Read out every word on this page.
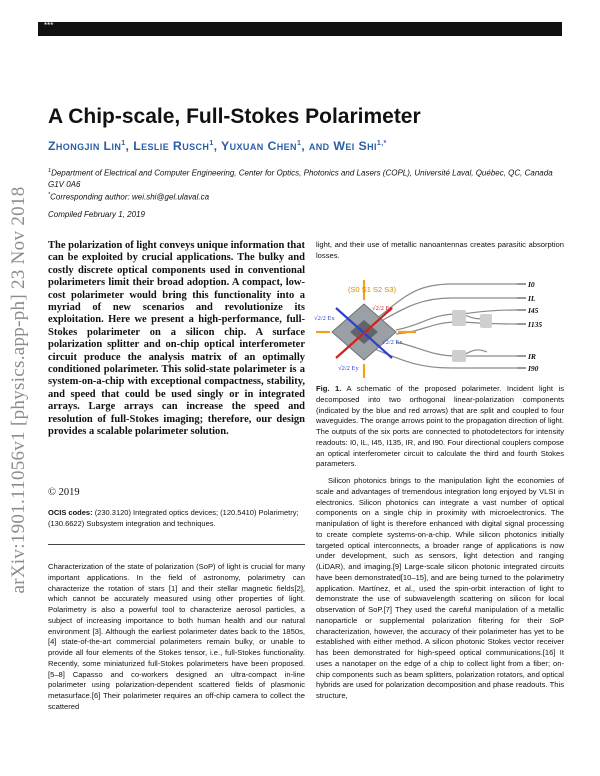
***
arXiv:1901.11056v1 [physics.app-ph] 23 Nov 2018
A Chip-scale, Full-Stokes Polarimeter
Zhongjin Lin$^1$, Leslie Rusch$^1$, Yuxuan Chen$^1$, and Wei Shi$^{1,*}$
$^1$Department of Electrical and Computer Engineering, Center for Optics, Photonics and Lasers (COPL), Université Laval, Québec, QC, Canada G1V 0A6
*Corresponding author: wei.shi@gel.ulaval.ca
Compiled February 1, 2019
The polarization of light conveys unique information that can be exploited by crucial applications. The bulky and costly discrete optical components used in conventional polarimeters limit their broad adoption. A compact, low-cost polarimeter would bring this functionality into a myriad of new scenarios and revolutionize its exploitation. Here we present a high-performance, full-Stokes polarimeter on a silicon chip. A surface polarization splitter and on-chip optical interferometer circuit produce the analysis matrix of an optimally conditioned polarimeter. This solid-state polarimeter is a system-on-a-chip with exceptional compactness, stability, and speed that could be used singly or in integrated arrays. Large arrays can increase the speed and resolution of full-Stokes imaging; therefore, our design provides a scalable polarimeter solution.
© 2019
OCIS codes: (230.3120) Integrated optics devices; (120.5410) Polarimetry; (130.6622) Subsystem integration and techniques.
Characterization of the state of polarization (SoP) of light is crucial for many important applications. In the field of astronomy, polarimetry can characterize the rotation of stars [1] and their stellar magnetic fields[2], which cannot be accurately measured using other properties of light. Polarimetry is also a powerful tool to characterize aerosol particles, a subject of increasing importance to both human health and our natural environment [3]. Although the earliest polarimeter dates back to the 1850s,[4] state-of-the-art commercial polarimeters remain bulky, or unable to provide all four elements of the Stokes tensor, i.e., full-Stokes functionality. Recently, some miniaturized full-Stokes polarimeters have been proposed.[5–8] Capasso and co-workers designed an ultra-compact in-line polarimeter using polarization-dependent scattered fields of plasmonic metasurface.[6] Their polarimeter requires an off-chip camera to collect the scattered
light, and their use of metallic nanoantennas creates parasitic absorption losses.
(S0 S1 S2 S3)
√2/2 Ex
√2/2 Ey
√2/2 Ey
√2/2 Ex
I0
IL
I45
I135
IR
I90
Fig. 1. A schematic of the proposed polarimeter. Incident light is decomposed into two orthogonal linear-polarization components (indicated by the blue and red arrows) that are split and coupled to four waveguides. The orange arrows point to the propagation direction of light. The outputs of the six ports are connected to photodetectors for intensity readouts: I0, IL, I45, I135, IR, and I90. Four directional couplers compose an optical interferometer circuit to calculate the third and fourth Stokes parameters.
Silicon photonics brings to the manipulation light the economies of scale and advantages of tremendous integration long enjoyed by VLSI in electronics. Silicon photonics can integrate a vast number of optical components on a single chip in proximity with microelectronics. The manipulation of light is therefore enhanced with digital signal processing to create complete systems-on-a-chip. While silicon photonics initially targeted optical interconnects, a broader range of applications is now under development, such as sensors, light detection and ranging (LiDAR), and imaging.[9] Large-scale silicon photonic integrated circuits have been demonstrated[10–15], and are being turned to the polarimetry application. Martínez, et al., used the spin-orbit interaction of light to demonstrate the use of subwavelength scattering on silicon for local observation of SoP.[7] They used the careful manipulation of a metallic nanoparticle or supplemental polarization filtering for their SoP characterization, however, the accuracy of their polarimeter has yet to be established with either method. A silicon photonic Stokes vector receiver has been demonstrated for high-speed optical communications.[16] It uses a nanotaper on the edge of a chip to collect light from a fiber; on-chip components such as beam splitters, polarization rotators, and optical hybrids are used for polarization decomposition and phase readouts. This structure,
